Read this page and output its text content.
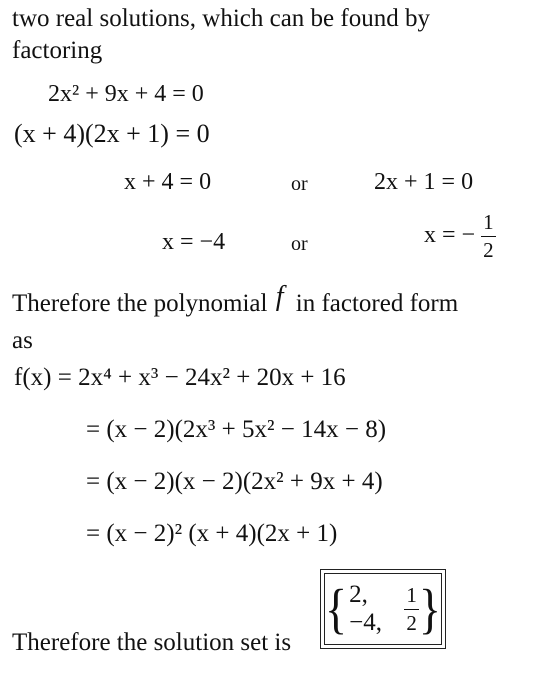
two real solutions, which can be found by
factoring
2x² + 9x + 4 = 0
(x + 4)(2x + 1) = 0
x + 4 = 0	or	2x + 1 = 0
x = −4	or	x = − $\frac{1}{2}$
Therefore the polynomial f in factored form
as
f(x) = 2x⁴ + x³ − 24x² + 20x + 16
= (x − 2)(2x³ + 5x² − 14x − 8)
= (x − 2)(x − 2)(2x² + 9x + 4)
= (x − 2)² (x + 4)(2x + 1)
Therefore the solution set is
{ 2, −4,	$\frac{1}{2}$ }
